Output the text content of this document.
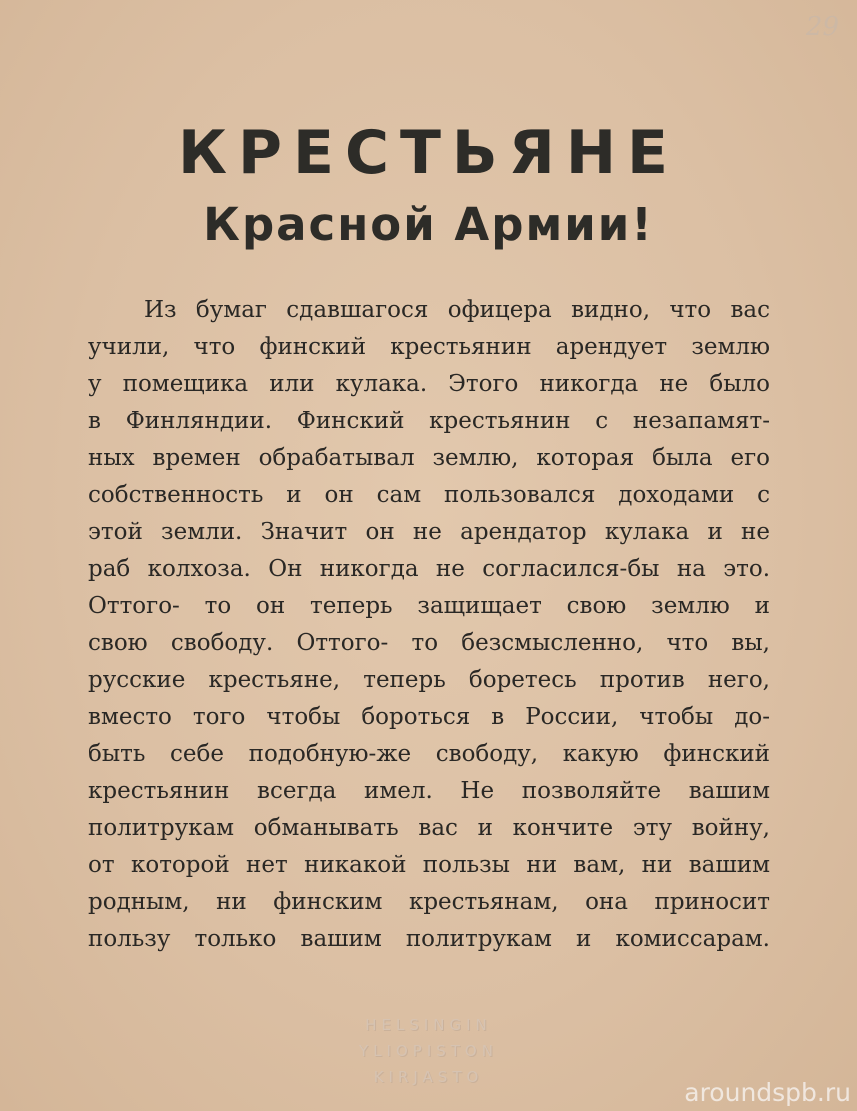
29
КРЕСТЬЯНЕ
Красной Армии!
Из бумаг сдавшагося офицера видно, что вас
учили, что финский крестьянин арендует землю
у помещика или кулака. Этого никогда не было
в Финляндии. Финский крестьянин с незапамят-
ных времен обрабатывал землю, которая была его
собственность и он сам пользовался доходами с
этой земли. Значит он не арендатор кулака и не
раб колхоза. Он никогда не согласился-бы на это.
Оттого- то он теперь защищает свою землю и
свою свободу. Оттого- то безсмысленно, что вы,
русские крестьяне, теперь боретесь против него,
вместо того чтобы бороться в России, чтобы до-
быть себе подобную-же свободу, какую финский
крестьянин всегда имел. Не позволяйте вашим
политрукам обманывать вас и кончите эту войну,
от которой нет никакой пользы ни вам, ни вашим
родным, ни финским крестьянам, она приносит
пользу только вашим политрукам и комиссарам.
HELSINGIN
YLIOPISTON
KIRJASTO
aroundspb.ru
